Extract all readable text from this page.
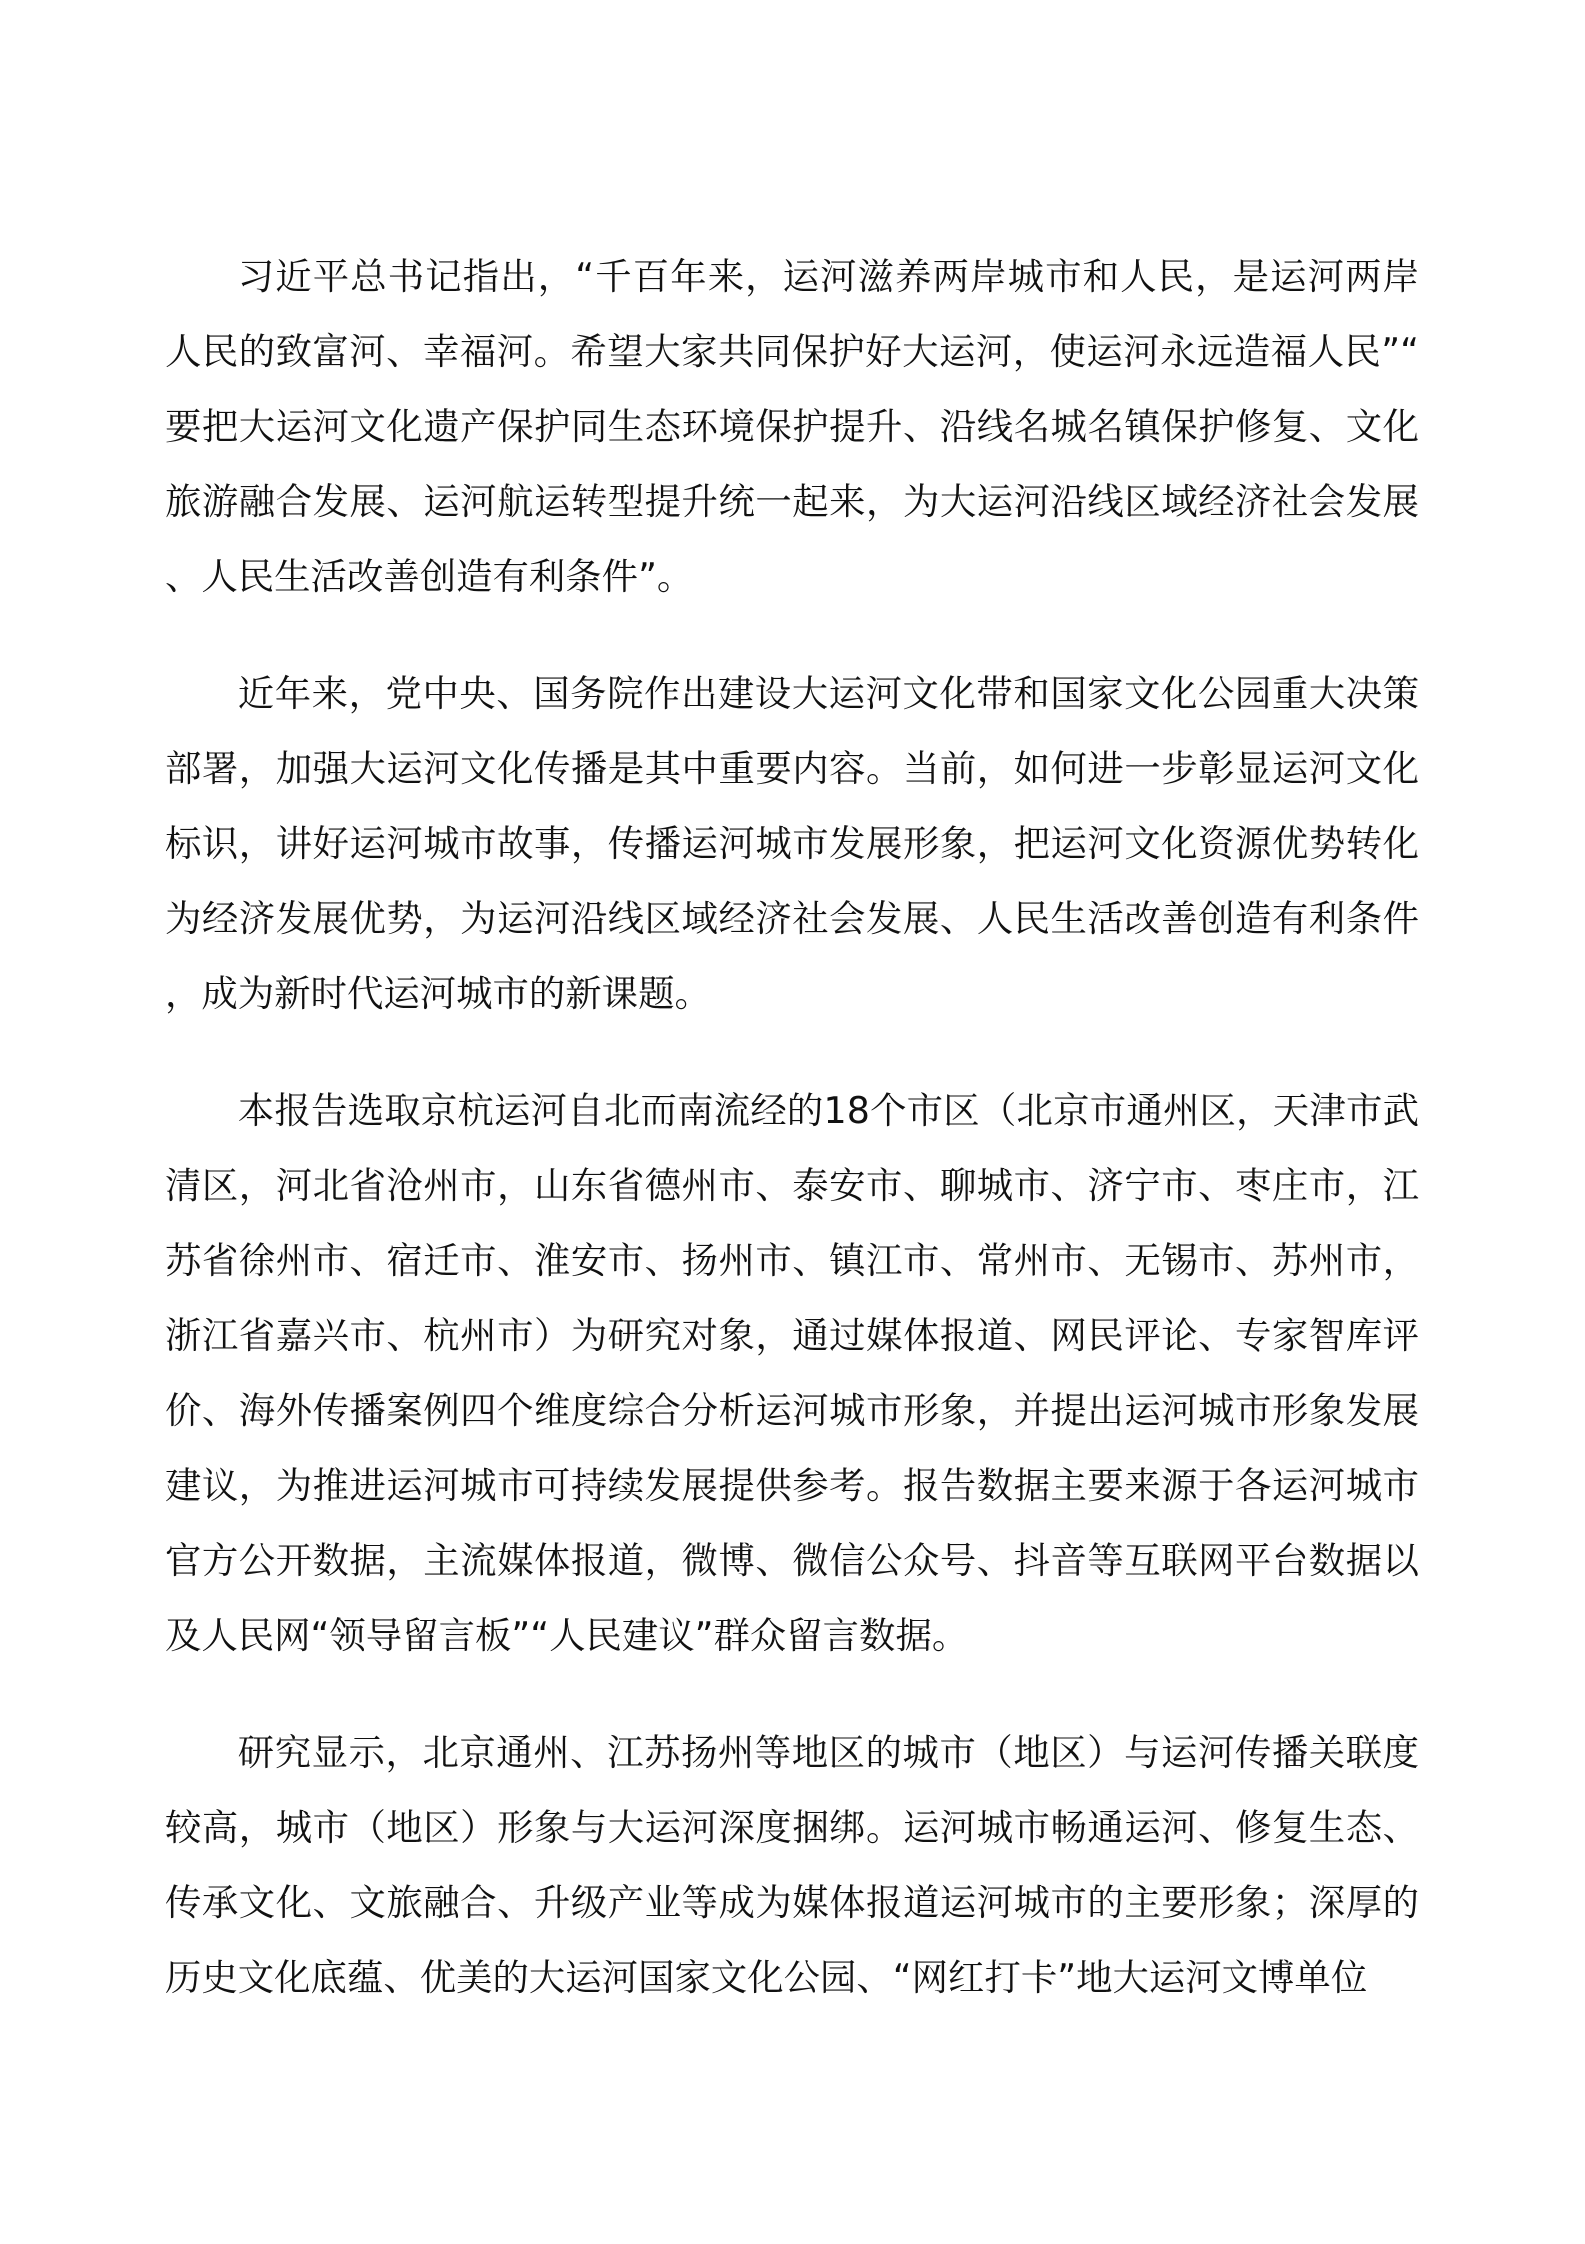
习近平总书记指出，“千百年来，运河滋养两岸城市和人民，是运河两岸人民的致富河、幸福河。希望大家共同保护好大运河，使运河永远造福人民”“要把大运河文化遗产保护同生态环境保护提升、沿线名城名镇保护修复、文化旅游融合发展、运河航运转型提升统一起来，为大运河沿线区域经济社会发展、人民生活改善创造有利条件”。

近年来，党中央、国务院作出建设大运河文化带和国家文化公园重大决策部署，加强大运河文化传播是其中重要内容。当前，如何进一步彰显运河文化标识，讲好运河城市故事，传播运河城市发展形象，把运河文化资源优势转化为经济发展优势，为运河沿线区域经济社会发展、人民生活改善创造有利条件，成为新时代运河城市的新课题。

本报告选取京杭运河自北而南流经的18个市区（北京市通州区，天津市武清区，河北省沧州市，山东省德州市、泰安市、聊城市、济宁市、枣庄市，江苏省徐州市、宿迁市、淮安市、扬州市、镇江市、常州市、无锡市、苏州市，浙江省嘉兴市、杭州市）为研究对象，通过媒体报道、网民评论、专家智库评价、海外传播案例四个维度综合分析运河城市形象，并提出运河城市形象发展建议，为推进运河城市可持续发展提供参考。报告数据主要来源于各运河城市官方公开数据，主流媒体报道，微博、微信公众号、抖音等互联网平台数据以及人民网“领导留言板”“人民建议”群众留言数据。

研究显示，北京通州、江苏扬州等地区的城市（地区）与运河传播关联度较高，城市（地区）形象与大运河深度捆绑。运河城市畅通运河、修复生态、传承文化、文旅融合、升级产业等成为媒体报道运河城市的主要形象；深厚的历史文化底蕴、优美的大运河国家文化公园、“网红打卡”地大运河文博单位
